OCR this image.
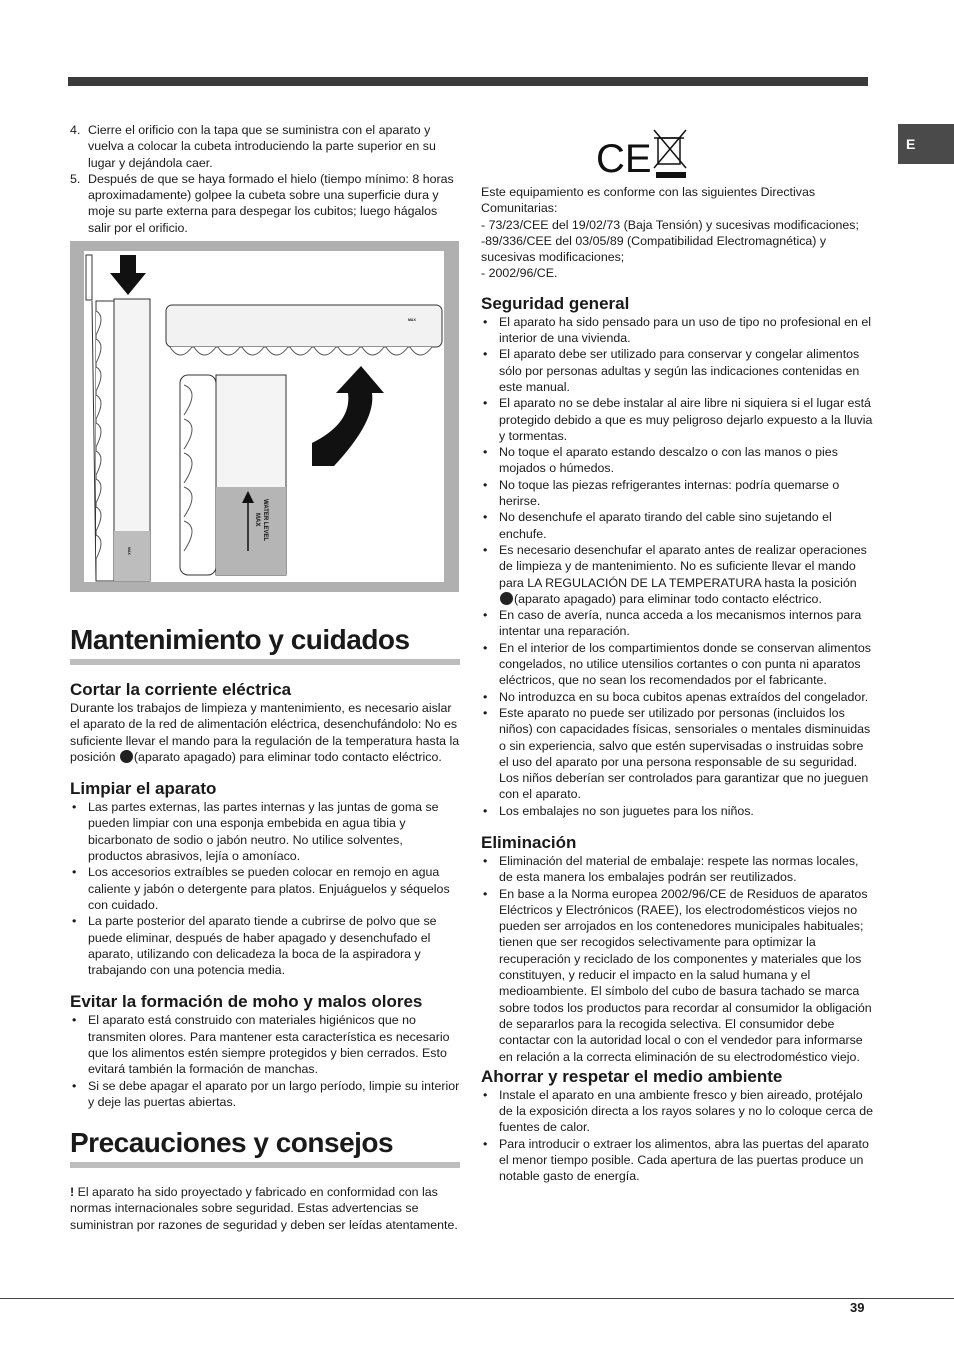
E
4. Cierre el orificio con la tapa que se suministra con el aparato y vuelva a colocar la cubeta introduciendo la parte superior en su lugar y dejándola caer.
5. Después de que se haya formado el hielo (tiempo mínimo: 8 horas aproximadamente) golpee la cubeta sobre una superficie dura y moje su parte externa para despegar los cubitos; luego hágalos salir por el orificio.
MAX WATER LEVEL
MAX
MAX
Mantenimiento y cuidados
Cortar la corriente eléctrica

Durante los trabajos de limpieza y mantenimiento, es necesario aislar el aparato de la red de alimentación eléctrica, desenchufándolo: No es suficiente llevar el mando para la regulación de la temperatura hasta la posición (aparato apagado) para eliminar todo contacto eléctrico.

Limpiar el aparato
• Las partes externas, las partes internas y las juntas de goma se pueden limpiar con una esponja embebida en agua tibia y bicarbonato de sodio o jabón neutro. No utilice solventes, productos abrasivos, lejía o amoníaco.
• Los accesorios extraíbles se pueden colocar en remojo en agua caliente y jabón o detergente para platos. Enjuáguelos y séquelos con cuidado.
• La parte posterior del aparato tiende a cubrirse de polvo que se puede eliminar, después de haber apagado y desenchufado el aparato, utilizando con delicadeza la boca de la aspiradora y trabajando con una potencia media.
Evitar la formación de moho y malos olores
• El aparato está construido con materiales higiénicos que no transmiten olores. Para mantener esta característica es necesario que los alimentos estén siempre protegidos y bien cerrados. Esto evitará también la formación de manchas.
• Si se debe apagar el aparato por un largo período, limpie su interior y deje las puertas abiertas.
Precauciones y consejos

! El aparato ha sido proyectado y fabricado en conformidad con las normas internacionales sobre seguridad. Estas advertencias se suministran por razones de seguridad y deben ser leídas atentamente.

CE

Este equipamiento es conforme con las siguientes Directivas Comunitarias:

- 73/23/CEE del 19/02/73 (Baja Tensión) y sucesivas modificaciones;

-89/336/CEE del 03/05/89 (Compatibilidad Electromagnética) y sucesivas modificaciones;

- 2002/96/CE.

Seguridad general
• El aparato ha sido pensado para un uso de tipo no profesional en el interior de una vivienda.
• El aparato debe ser utilizado para conservar y congelar alimentos sólo por personas adultas y según las indicaciones contenidas en este manual.
• El aparato no se debe instalar al aire libre ni siquiera si el lugar está protegido debido a que es muy peligroso dejarlo expuesto a la lluvia y tormentas.
• No toque el aparato estando descalzo o con las manos o pies mojados o húmedos.
• No toque las piezas refrigerantes internas: podría quemarse o herirse.
• No desenchufe el aparato tirando del cable sino sujetando el enchufe.
• Es necesario desenchufar el aparato antes de realizar operaciones de limpieza y de mantenimiento. No es suficiente llevar el mando para LA REGULACIÓN DE LA TEMPERATURA hasta la posición (aparato apagado) para eliminar todo contacto eléctrico.
• En caso de avería, nunca acceda a los mecanismos internos para intentar una reparación.
• En el interior de los compartimientos donde se conservan alimentos congelados, no utilice utensilios cortantes o con punta ni aparatos eléctricos, que no sean los recomendados por el fabricante.
• No introduzca en su boca cubitos apenas extraídos del congelador.
• Este aparato no puede ser utilizado por personas (incluidos los niños) con capacidades físicas, sensoriales o mentales disminuidas o sin experiencia, salvo que estén supervisadas o instruidas sobre el uso del aparato por una persona responsable de su seguridad. Los niños deberían ser controlados para garantizar que no jueguen con el aparato.
• Los embalajes no son juguetes para los niños.
Eliminación
• Eliminación del material de embalaje: respete las normas locales, de esta manera los embalajes podrán ser reutilizados.
• En base a la Norma europea 2002/96/CE de Residuos de aparatos Eléctricos y Electrónicos (RAEE), los electrodomésticos viejos no pueden ser arrojados en los contenedores municipales habituales; tienen que ser recogidos selectivamente para optimizar la recuperación y reciclado de los componentes y materiales que los constituyen, y reducir el impacto en la salud humana y el medioambiente. El símbolo del cubo de basura tachado se marca sobre todos los productos para recordar al consumidor la obligación de separarlos para la recogida selectiva. El consumidor debe contactar con la autoridad local o con el vendedor para informarse en relación a la correcta eliminación de su electrodoméstico viejo.
Ahorrar y respetar el medio ambiente
• Instale el aparato en una ambiente fresco y bien aireado, protéjalo de la exposición directa a los rayos solares y no lo coloque cerca de fuentes de calor.
• Para introducir o extraer los alimentos, abra las puertas del aparato el menor tiempo posible. Cada apertura de las puertas produce un notable gasto de energía.
39
